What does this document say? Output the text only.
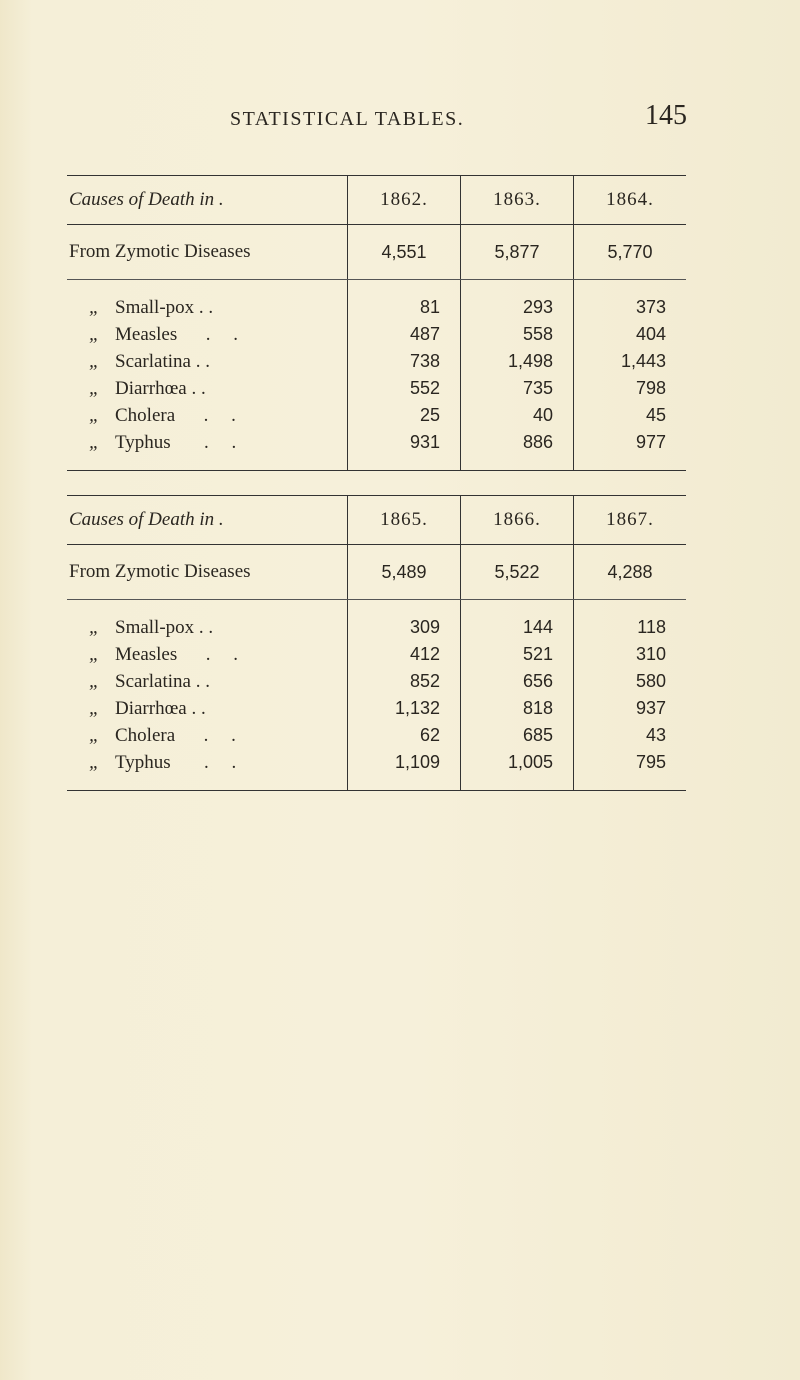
STATISTICAL TABLES.	145
Causes of Death in .	1862.	1863.	1864.
From Zymotic Diseases	4,551	5,877	5,770
„ Small-pox . .	81	293	373
„ Measles . .	487	558	404
„ Scarlatina . .	738	1,498	1,443
„ Diarrhœa . .	552	735	798
„ Cholera . .	25	40	45
„ Typhus . .	931	886	977
Causes of Death in .	1865.	1866.	1867.
From Zymotic Diseases	5,489	5,522	4,288
„ Small-pox . .	309	144	118
„ Measles . .	412	521	310
„ Scarlatina . .	852	656	580
„ Diarrhœa . .	1,132	818	937
„ Cholera . .	62	685	43
„ Typhus . .	1,109	1,005	795
